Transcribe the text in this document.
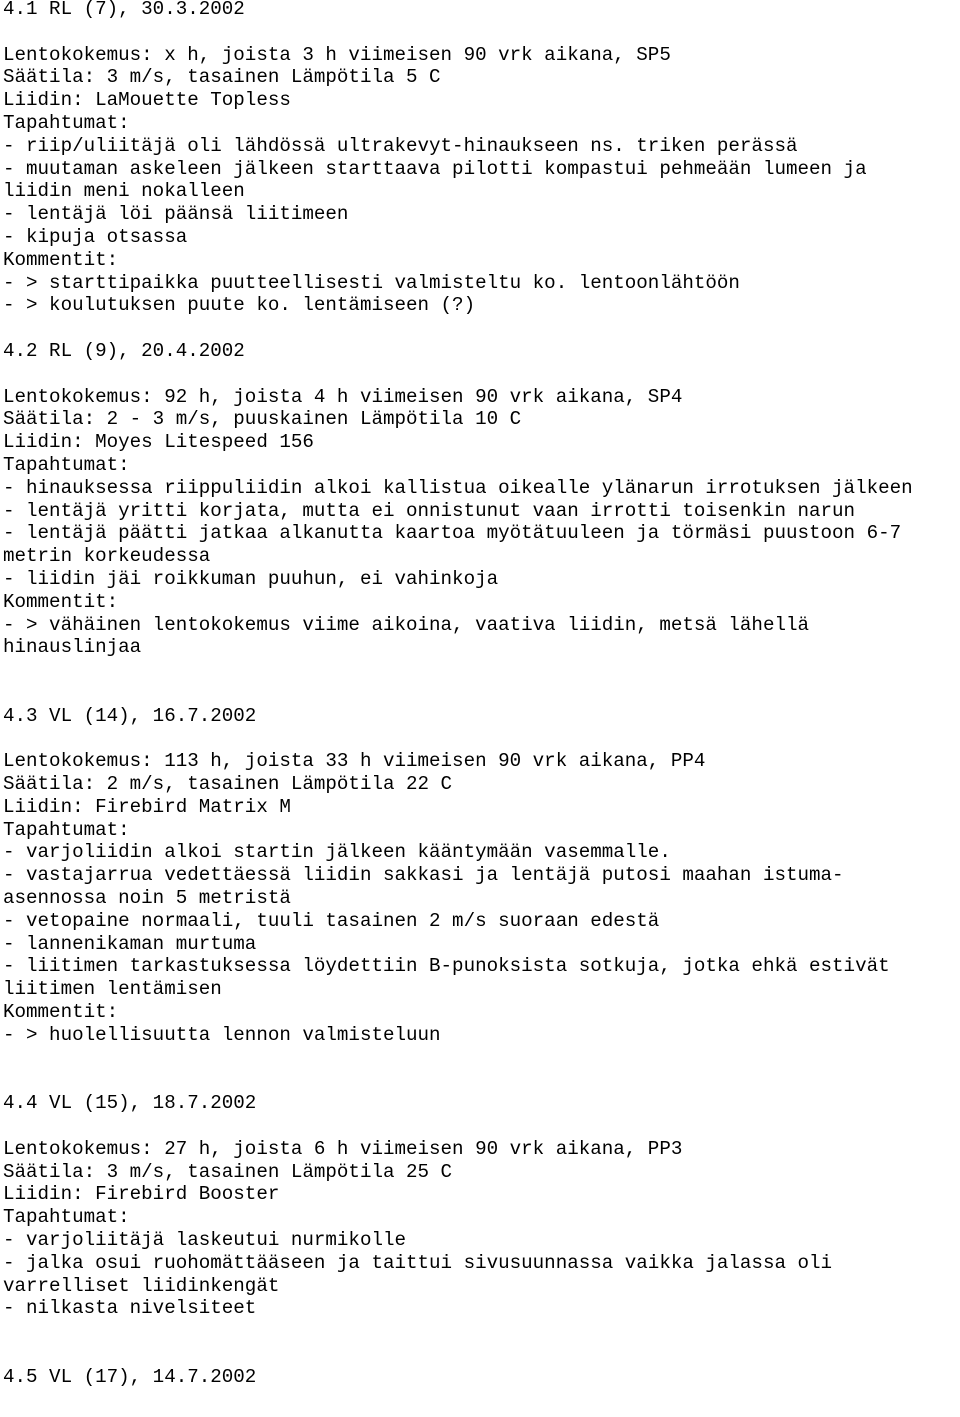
4.1 RL (7), 30.3.2002
Lentokokemus: x h, joista 3 h viimeisen 90 vrk aikana, SP5
Säätila: 3 m/s, tasainen Lämpötila 5 C
Liidin: LaMouette Topless
Tapahtumat:
- riip/uliitäjä oli lähdössä ultrakevyt-hinaukseen ns. triken perässä
- muutaman askeleen jälkeen starttaava pilotti kompastui pehmeään lumeen ja
liidin meni nokalleen
- lentäjä löi päänsä liitimeen
- kipuja otsassa
Kommentit:
- > starttipaikka puutteellisesti valmisteltu ko. lentoonlähtöön
- > koulutuksen puute ko. lentämiseen (?)
4.2 RL (9), 20.4.2002
Lentokokemus: 92 h, joista 4 h viimeisen 90 vrk aikana, SP4
Säätila: 2 - 3 m/s, puuskainen Lämpötila 10 C
Liidin: Moyes Litespeed 156
Tapahtumat:
- hinauksessa riippuliidin alkoi kallistua oikealle ylänarun irrotuksen jälkeen
- lentäjä yritti korjata, mutta ei onnistunut vaan irrotti toisenkin narun
- lentäjä päätti jatkaa alkanutta kaartoa myötätuuleen ja törmäsi puustoon 6-7
metrin korkeudessa
- liidin jäi roikkuman puuhun, ei vahinkoja
Kommentit:
- > vähäinen lentokokemus viime aikoina, vaativa liidin, metsä lähellä
hinauslinjaa
4.3 VL (14), 16.7.2002
Lentokokemus: 113 h, joista 33 h viimeisen 90 vrk aikana, PP4
Säätila: 2 m/s, tasainen Lämpötila 22 C
Liidin: Firebird Matrix M
Tapahtumat:
- varjoliidin alkoi startin jälkeen kääntymään vasemmalle.
- vastajarrua vedettäessä liidin sakkasi ja lentäjä putosi maahan istuma-
asennossa noin 5 metristä
- vetopaine normaali, tuuli tasainen 2 m/s suoraan edestä
- lannenikaman murtuma
- liitimen tarkastuksessa löydettiin B-punoksista sotkuja, jotka ehkä estivät
liitimen lentämisen
Kommentit:
- > huolellisuutta lennon valmisteluun
4.4 VL (15), 18.7.2002
Lentokokemus: 27 h, joista 6 h viimeisen 90 vrk aikana, PP3
Säätila: 3 m/s, tasainen Lämpötila 25 C
Liidin: Firebird Booster
Tapahtumat:
- varjoliitäjä laskeutui nurmikolle
- jalka osui ruohomättääseen ja taittui sivusuunnassa vaikka jalassa oli
varrelliset liidinkengät
- nilkasta nivelsiteet
4.5 VL (17), 14.7.2002
